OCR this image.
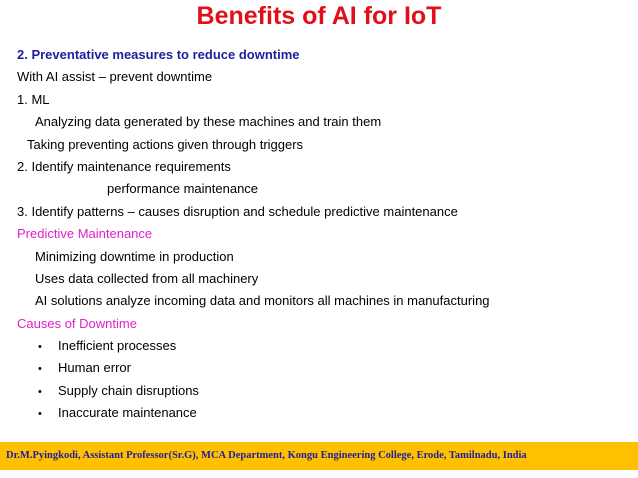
Benefits of AI for IoT
2. Preventative measures to reduce downtime
With AI assist – prevent downtime
1. ML
Analyzing data generated by these machines and train them
Taking preventing actions given through triggers
2. Identify maintenance requirements
performance maintenance
3. Identify patterns – causes disruption and schedule predictive maintenance
Predictive Maintenance
Minimizing downtime in production
Uses data collected from all machinery
AI solutions analyze incoming data and monitors all machines in manufacturing
Causes of Downtime
• Inefficient processes
• Human error
• Supply chain disruptions
• Inaccurate maintenance
Dr.M.Pyingkodi, Assistant Professor(Sr.G), MCA Department, Kongu Engineering College, Erode, Tamilnadu, India
